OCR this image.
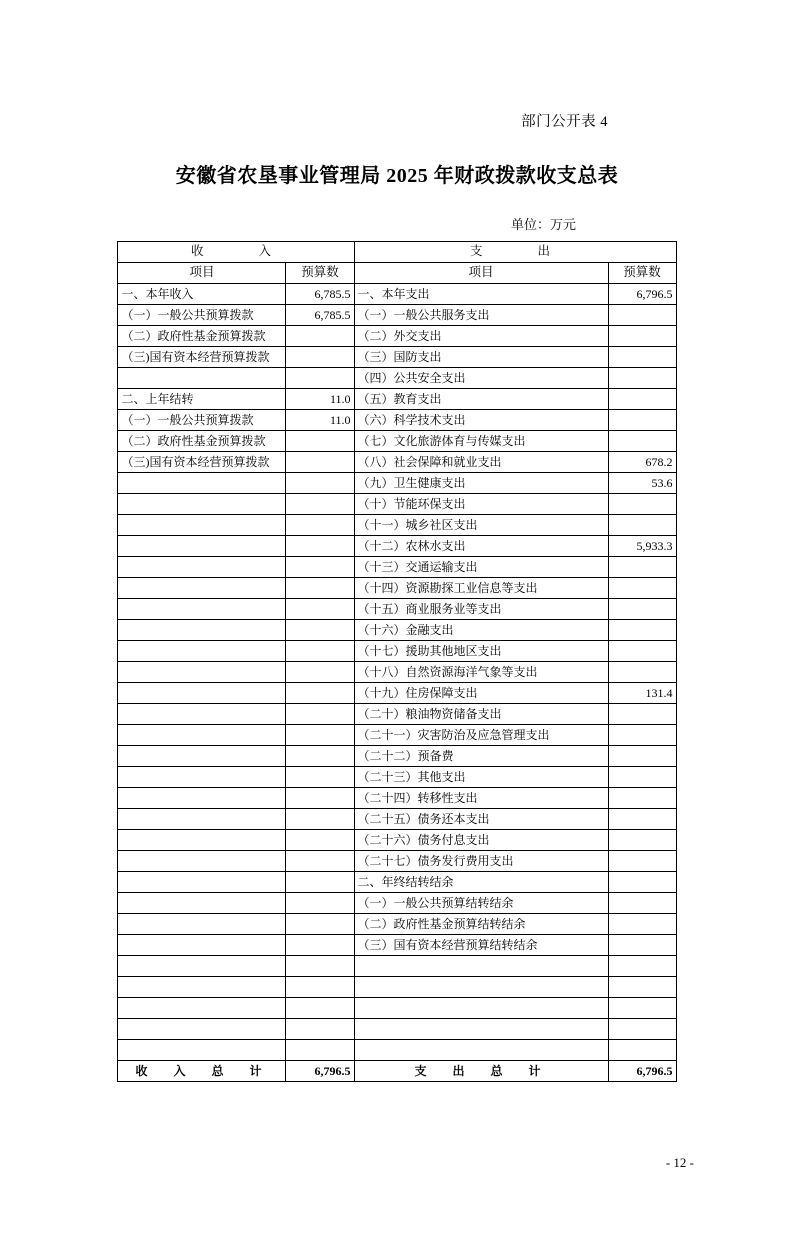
部门公开表 4
安徽省农垦事业管理局 2025 年财政拨款收支总表
单位：万元
收　　入		支　　出	
项目	预算数	项目	预算数
一、本年收入	6,785.5	一、本年支出	6,796.5
（一）一般公共预算拨款	6,785.5	（一）一般公共服务支出	
（二）政府性基金预算拨款		（二）外交支出	
（三)国有资本经营预算拨款		（三）国防支出	
		（四）公共安全支出	
二、上年结转	11.0	（五）教育支出	
（一）一般公共预算拨款	11.0	（六）科学技术支出	
（二）政府性基金预算拨款		（七）文化旅游体育与传媒支出	
（三)国有资本经营预算拨款		（八）社会保障和就业支出	678.2
		（九）卫生健康支出	53.6
		（十）节能环保支出	
		（十一）城乡社区支出	
		（十二）农林水支出	5,933.3
		（十三）交通运输支出	
		（十四）资源勘探工业信息等支出	
		（十五）商业服务业等支出	
		（十六）金融支出	
		（十七）援助其他地区支出	
		（十八）自然资源海洋气象等支出	
		（十九）住房保障支出	131.4
		（二十）粮油物资储备支出	
		（二十一）灾害防治及应急管理支出	
		（二十二）预备费	
		（二十三）其他支出	
		（二十四）转移性支出	
		（二十五）债务还本支出	
		（二十六）债务付息支出	
		（二十七）债务发行费用支出	
		二、年终结转结余	
		（一）一般公共预算结转结余	
		（二）政府性基金预算结转结余	
		（三）国有资本经营预算结转结余	

收　入　总　计	6,796.5	支　出　总　计	6,796.5
- 12 -
